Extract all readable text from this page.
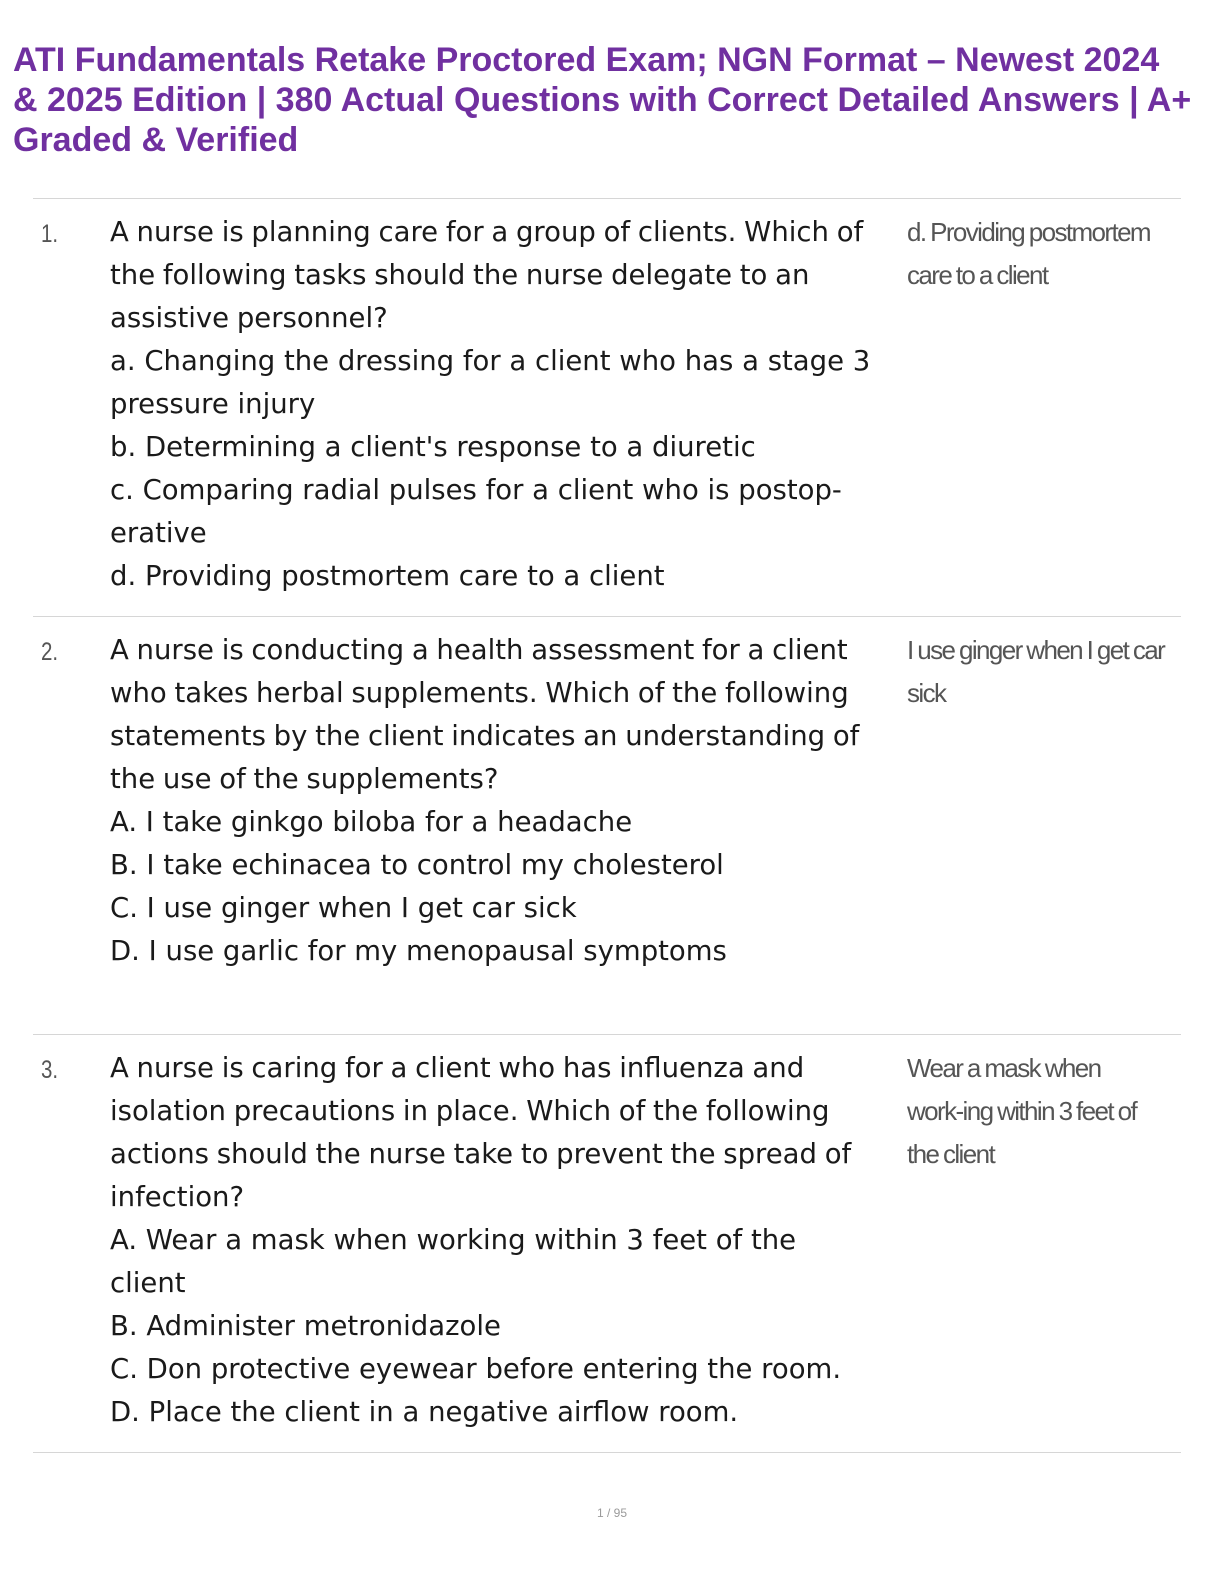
ATI Fundamentals Retake Proctored Exam; NGN Format – Newest 2024 & 2025 Edition | 380 Actual Questions with Correct Detailed Answers | A+ Graded & Verified
1. A nurse is planning care for a group of clients. Which of the following tasks should the nurse delegate to an assistive personnel?

a. Changing the dressing for a client who has a stage 3 pressure injury

b. Determining a client's response to a diuretic

c. Comparing radial pulses for a client who is postop-erative

d. Providing postmortem care to a client

d. Providing postmortem care to a client
2. A nurse is conducting a health assessment for a client who takes herbal supplements. Which of the following statements by the client indicates an understanding of the use of the supplements?

A. I take ginkgo biloba for a headache

B. I take echinacea to control my cholesterol

C. I use ginger when I get car sick

D. I use garlic for my menopausal symptoms

I use ginger when I get car sick
3. A nurse is caring for a client who has influenza and isolation precautions in place. Which of the following actions should the nurse take to prevent the spread of infection?

A. Wear a mask when working within 3 feet of the client

B. Administer metronidazole

C. Don protective eyewear before entering the room.

D. Place the client in a negative airflow room.

Wear a mask when work-ing within 3 feet of the client
1 / 95
